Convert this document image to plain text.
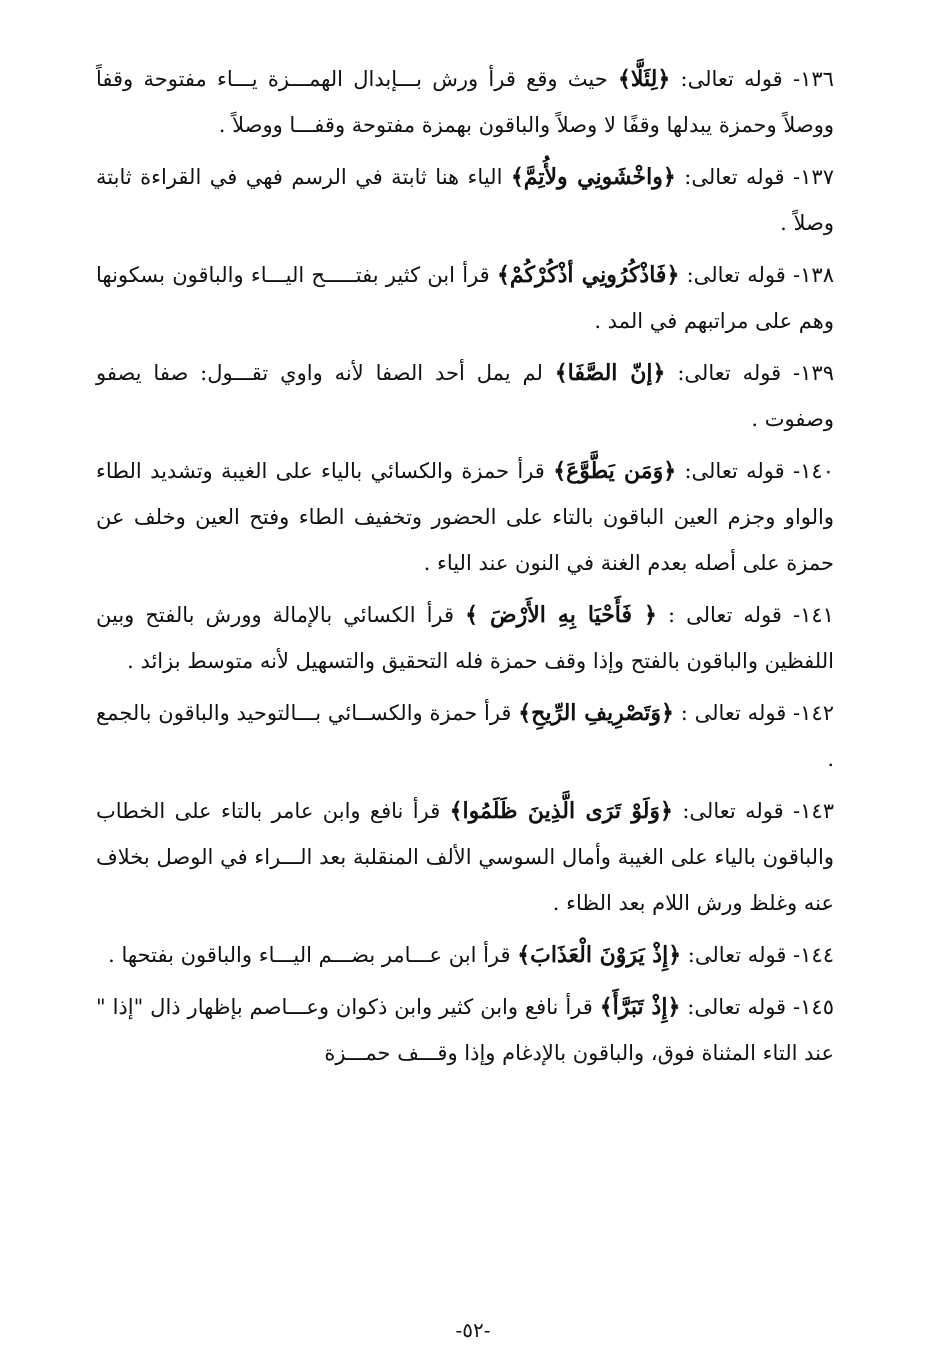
١٣٦- قوله تعالى: ﴿لِئَلَّا﴾ حيث وقع قرأ ورش بـــإبدال الهمـــزة يـــاء مفتوحة وقفاً ووصلاً وحمزة يبدلها وقفًا لا وصلاً والباقون بهمزة مفتوحة وقفـــا ووصلاً .

١٣٧- قوله تعالى: ﴿واخْشَونِي ولأُتِمَّ﴾ الياء هنا ثابتة في الرسم فهي في القراءة ثابتة وصلاً .

١٣٨- قوله تعالى: ﴿فَاذْكُرُونِي أذْكُرْكُمْ﴾ قرأ ابن كثير بفتـــــح اليـــاء والباقون بسكونها وهم على مراتبهم في المد .

١٣٩- قوله تعالى: ﴿إنّ الصَّفَا﴾ لم يمل أحد الصفا لأنه واوي تقـــول: صفا يصفو وصفوت .

١٤٠- قوله تعالى: ﴿وَمَن يَطَّوَّعَ﴾ قرأ حمزة والكسائي بالياء على الغيبة وتشديد الطاء والواو وجزم العين الباقون بالتاء على الحضور وتخفيف الطاء وفتح العين وخلف عن حمزة على أصله بعدم الغنة في النون عند الياء .

١٤١- قوله تعالى : ﴿ فَأَحْيَا بِهِ الأَرْضَ ﴾ قرأ الكسائي بالإمالة وورش بالفتح وبين اللفظين والباقون بالفتح وإذا وقف حمزة فله التحقيق والتسهيل لأنه متوسط بزائد .

١٤٢- قوله تعالى : ﴿وَتَصْرِيفِ الرِّيحِ﴾ قرأ حمزة والكســائي بـــالتوحيد والباقون بالجمع .

١٤٣- قوله تعالى: ﴿وَلَوْ تَرَى الَّذِينَ ظَلَمُوا﴾ قرأ نافع وابن عامر بالتاء على الخطاب والباقون بالياء على الغيبة وأمال السوسي الألف المنقلبة بعد الـــراء في الوصل بخلاف عنه وغلظ ورش اللام بعد الظاء .

١٤٤- قوله تعالى: ﴿إِذْ يَرَوْنَ الْعَذَابَ﴾ قرأ ابن عـــامر بضـــم اليـــاء والباقون بفتحها .

١٤٥- قوله تعالى: ﴿إِذْ تَبَرَّأَ﴾ قرأ نافع وابن كثير وابن ذكوان وعـــاصم بإظهار ذال "إذا " عند التاء المثناة فوق، والباقون بالإدغام وإذا وقـــف حمـــزة

-٥٢-
